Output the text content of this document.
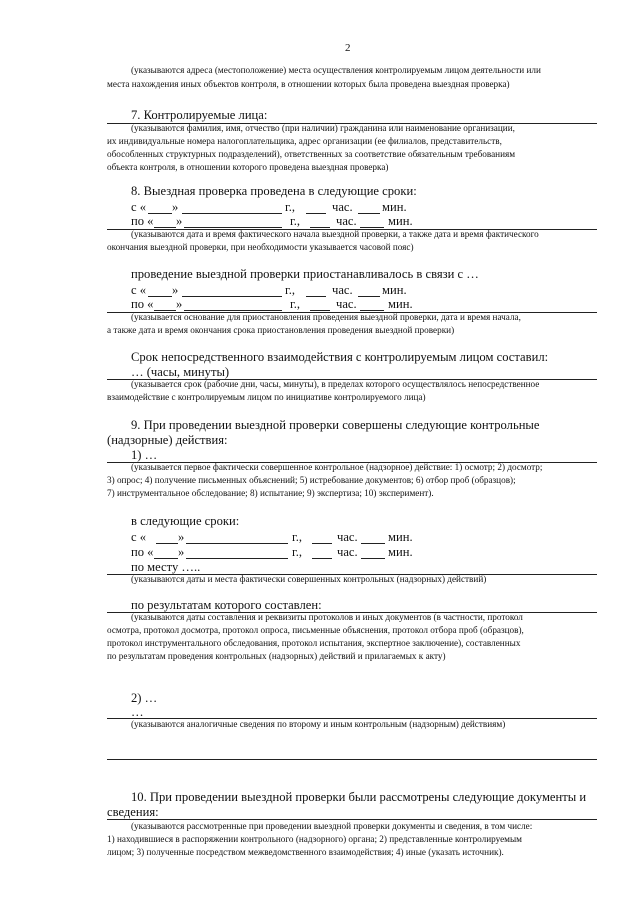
2
(указываются адреса (местоположение) места осуществления контролируемым лицом деятельности или
места нахождения иных объектов контроля, в отношении которых была проведена выездная проверка)
7. Контролируемые лица:
(указываются фамилия, имя, отчество (при наличии) гражданина или наименование организации,
их индивидуальные номера налогоплательщика, адрес организации (ее филиалов, представительств,
обособленных структурных подразделений), ответственных за соответствие обязательным требованиям
объекта контроля, в отношении которого проведена выездная проверка)
8. Выездная проверка проведена в следующие сроки:
с « »	г.,	час. мин.
по « »	г.,	час. мин.
(указываются дата и время фактического начала выездной проверки, а также дата и время фактического
окончания выездной проверки, при необходимости указывается часовой пояс)
проведение выездной проверки приостанавливалось в связи с …
с « »	г.,	час. мин.
по « »	г.,	час. мин.
(указывается основание для приостановления проведения выездной проверки, дата и время начала,
а также дата и время окончания срока приостановления проведения выездной проверки)
Срок непосредственного взаимодействия с контролируемым лицом составил:
… (часы, минуты)
(указывается срок (рабочие дни, часы, минуты), в пределах которого осуществлялось непосредственное
взаимодействие с контролируемым лицом по инициативе контролируемого лица)
9. При проведении выездной проверки совершены следующие контрольные
(надзорные) действия:
1) …
(указывается первое фактически совершенное контрольное (надзорное) действие: 1) осмотр; 2) досмотр;
3) опрос; 4) получение письменных объяснений; 5) истребование документов; 6) отбор проб (образцов);
7) инструментальное обследование; 8) испытание; 9) экспертиза; 10) эксперимент).
в следующие сроки:
с «	»	г.,	час. мин.
по « »	г.,	час. мин.
по месту …..
(указываются даты и места фактически совершенных контрольных (надзорных) действий)
по результатам которого составлен:
(указываются даты составления и реквизиты протоколов и иных документов (в частности, протокол
осмотра, протокол досмотра, протокол опроса, письменные объяснения, протокол отбора проб (образцов),
протокол инструментального обследования, протокол испытания, экспертное заключение), составленных
по результатам проведения контрольных (надзорных) действий и прилагаемых к акту)
2) …
…
(указываются аналогичные сведения по второму и иным контрольным (надзорным) действиям)
10. При проведении выездной проверки были рассмотрены следующие документы и
сведения:
(указываются рассмотренные при проведении выездной проверки документы и сведения, в том числе:
1) находившиеся в распоряжении контрольного (надзорного) органа; 2) представленные контролируемым
лицом; 3) полученные посредством межведомственного взаимодействия; 4) иные (указать источник).
